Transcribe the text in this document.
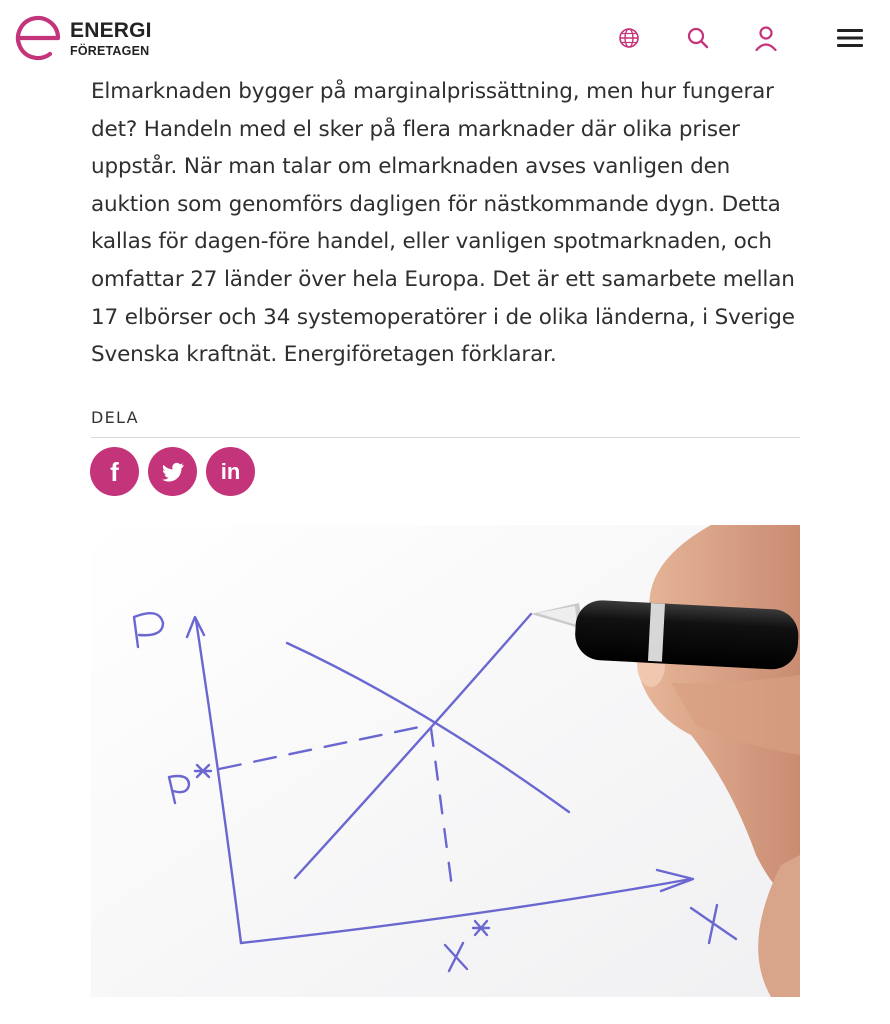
ENERGI
FÖRETAGEN

Elmarknaden bygger på marginalprissättning, men hur fungerar det? Handeln med el sker på flera marknader där olika priser uppstår. När man talar om elmarknaden avses vanligen den auktion som genomförs dagligen för nästkommande dygn. Detta kallas för dagen-före handel, eller vanligen spotmarknaden, och omfattar 27 länder över hela Europa. Det är ett samarbete mellan 17 elbörser och 34 systemoperatörer i de olika länderna, i Sverige Svenska kraftnät. Energiföretagen förklarar.

DELA
f	in
